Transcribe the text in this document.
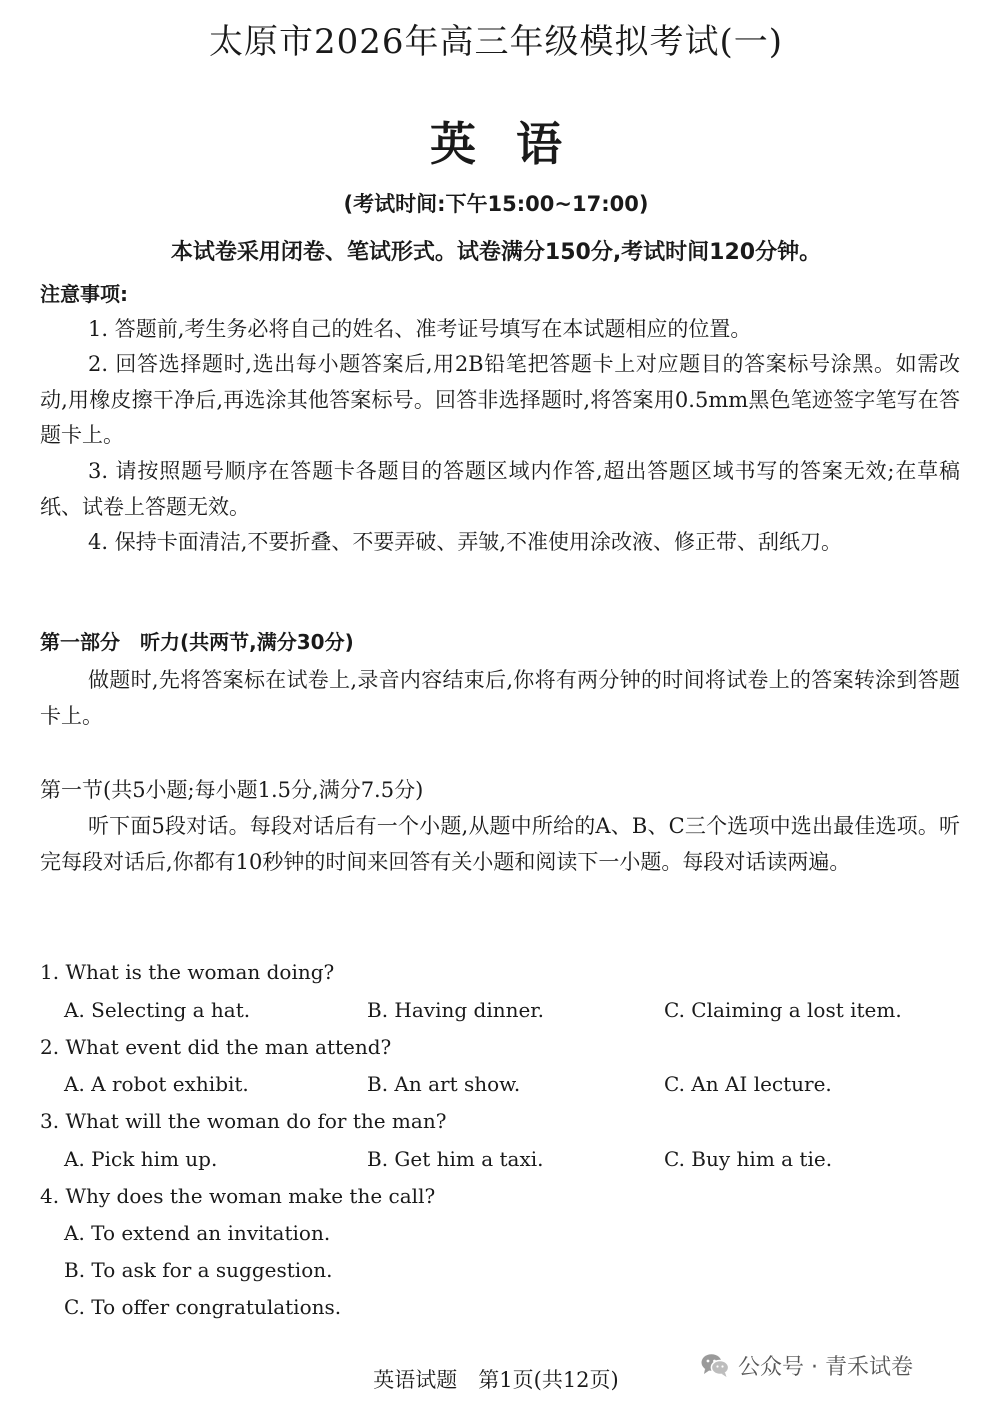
太原市2026年高三年级模拟考试(一)
英语
(考试时间:下午15:00~17:00)
本试卷采用闭卷、笔试形式。试卷满分150分,考试时间120分钟。
注意事项:
1. 答题前,考生务必将自己的姓名、准考证号填写在本试题相应的位置。
2. 回答选择题时,选出每小题答案后,用2B铅笔把答题卡上对应题目的答案标号涂黑。如需改动,用橡皮擦干净后,再选涂其他答案标号。回答非选择题时,将答案用0.5mm黑色笔迹签字笔写在答题卡上。
3. 请按照题号顺序在答题卡各题目的答题区域内作答,超出答题区域书写的答案无效;在草稿纸、试卷上答题无效。
4. 保持卡面清洁,不要折叠、不要弄破、弄皱,不准使用涂改液、修正带、刮纸刀。
第一部分　听力(共两节,满分30分)
做题时,先将答案标在试卷上,录音内容结束后,你将有两分钟的时间将试卷上的答案转涂到答题卡上。
第一节(共5小题;每小题1.5分,满分7.5分)
听下面5段对话。每段对话后有一个小题,从题中所给的A、B、C三个选项中选出最佳选项。听完每段对话后,你都有10秒钟的时间来回答有关小题和阅读下一小题。每段对话读两遍。
1. What is the woman doing?
A. Selecting a hat.	B. Having dinner.	C. Claiming a lost item.
2. What event did the man attend?
A. A robot exhibit.	B. An art show.	C. An AI lecture.
3. What will the woman do for the man?
A. Pick him up.	B. Get him a taxi.	C. Buy him a tie.
4. Why does the woman make the call?
A. To extend an invitation.
B. To ask for a suggestion.
C. To offer congratulations.
英语试题　第1页(共12页)
公众号 · 青禾试卷
